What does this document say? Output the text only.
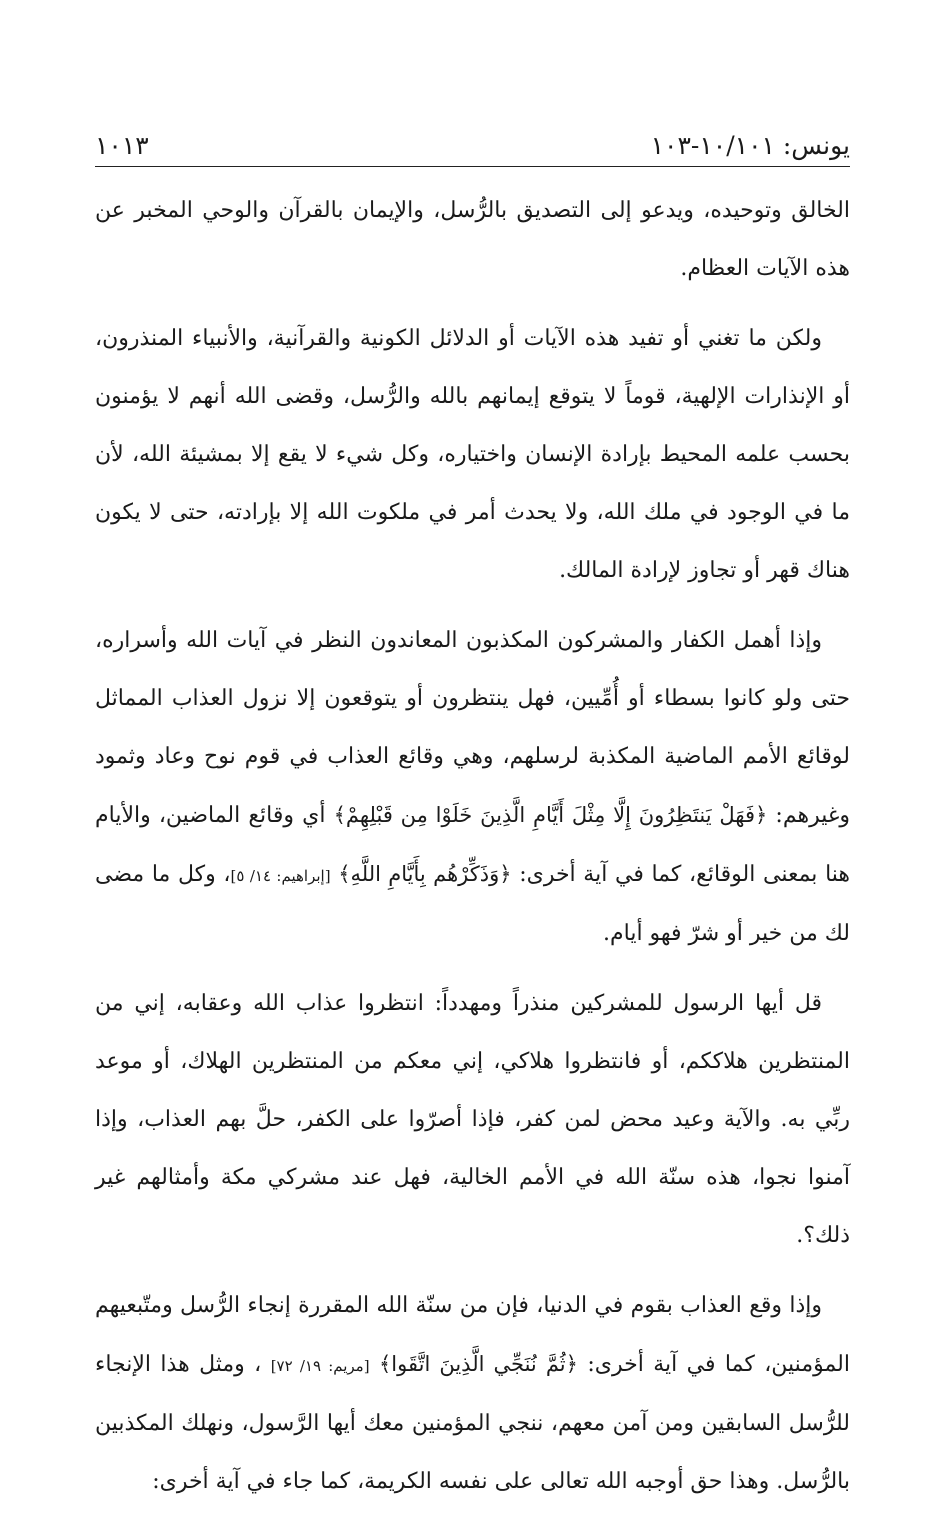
يونس: ١٠/١٠١-١٠٣
١٠١٣

الخالق وتوحيده، ويدعو إلى التصديق بالرُّسل، والإيمان بالقرآن والوحي المخبر عن هذه الآيات العظام.

ولكن ما تغني أو تفيد هذه الآيات أو الدلائل الكونية والقرآنية، والأنبياء المنذرون، أو الإنذارات الإلهية، قوماً لا يتوقع إيمانهم بالله والرُّسل، وقضى الله أنهم لا يؤمنون بحسب علمه المحيط بإرادة الإنسان واختياره، وكل شيء لا يقع إلا بمشيئة الله، لأن ما في الوجود في ملك الله، ولا يحدث أمر في ملكوت الله إلا بإرادته، حتى لا يكون هناك قهر أو تجاوز لإرادة المالك.

وإذا أهمل الكفار والمشركون المكذبون المعاندون النظر في آيات الله وأسراره، حتى ولو كانوا بسطاء أو أُمِّيين، فهل ينتظرون أو يتوقعون إلا نزول العذاب المماثل لوقائع الأمم الماضية المكذبة لرسلهم، وهي وقائع العذاب في قوم نوح وعاد وثمود وغيرهم: ﴿فَهَلْ يَنتَظِرُونَ إِلَّا مِثْلَ أَيَّامِ الَّذِينَ خَلَوْا مِن قَبْلِهِمْ﴾ أي وقائع الماضين، والأيام هنا بمعنى الوقائع، كما في آية أخرى: ﴿وَذَكِّرْهُم بِأَيَّامِ اللَّهِ﴾ [إبراهيم: ١٤/ ٥]، وكل ما مضى لك من خير أو شرّ فهو أيام.

قل أيها الرسول للمشركين منذراً ومهدداً: انتظروا عذاب الله وعقابه، إني من المنتظرين هلاككم، أو فانتظروا هلاكي، إني معكم من المنتظرين الهلاك، أو موعد ربِّي به. والآية وعيد محض لمن كفر، فإذا أصرّوا على الكفر، حلَّ بهم العذاب، وإذا آمنوا نجوا، هذه سنّة الله في الأمم الخالية، فهل عند مشركي مكة وأمثالهم غير ذلك؟.

وإذا وقع العذاب بقوم في الدنيا، فإن من سنّة الله المقررة إنجاء الرُّسل ومتّبعيهم المؤمنين، كما في آية أخرى: ﴿ثُمَّ نُنَجِّي الَّذِينَ اتَّقَوا﴾ [مريم: ١٩/ ٧٢] ، ومثل هذا الإنجاء للرُّسل السابقين ومن آمن معهم، ننجي المؤمنين معك أيها الرَّسول، ونهلك المكذبين بالرُّسل. وهذا حق أوجبه الله تعالى على نفسه الكريمة، كما جاء في آية أخرى:
